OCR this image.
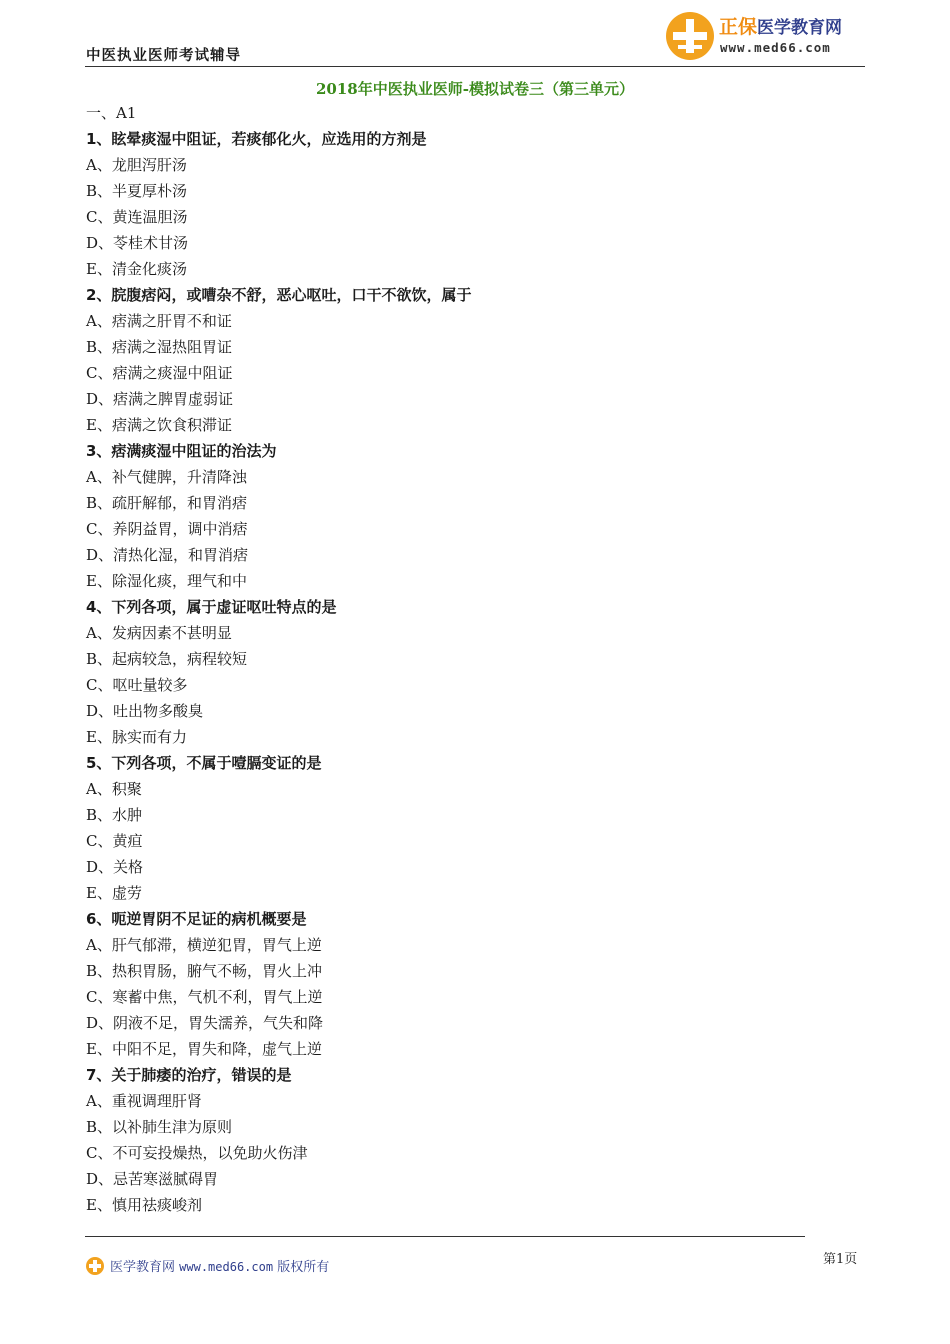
中医执业医师考试辅导
正保医学教育网
www.med66.com
2018年中医执业医师-模拟试卷三（第三单元）
一、A1
1、眩晕痰湿中阻证，若痰郁化火，应选用的方剂是
A、龙胆泻肝汤
B、半夏厚朴汤
C、黄连温胆汤
D、苓桂术甘汤
E、清金化痰汤
2、脘腹痞闷，或嘈杂不舒，恶心呕吐，口干不欲饮，属于
A、痞满之肝胃不和证
B、痞满之湿热阻胃证
C、痞满之痰湿中阻证
D、痞满之脾胃虚弱证
E、痞满之饮食积滞证
3、痞满痰湿中阻证的治法为
A、补气健脾，升清降浊
B、疏肝解郁，和胃消痞
C、养阴益胃，调中消痞
D、清热化湿，和胃消痞
E、除湿化痰，理气和中
4、下列各项，属于虚证呕吐特点的是
A、发病因素不甚明显
B、起病较急，病程较短
C、呕吐量较多
D、吐出物多酸臭
E、脉实而有力
5、下列各项，不属于噎膈变证的是
A、积聚
B、水肿
C、黄疸
D、关格
E、虚劳
6、呃逆胃阴不足证的病机概要是
A、肝气郁滞，横逆犯胃，胃气上逆
B、热积胃肠，腑气不畅，胃火上冲
C、寒蓄中焦，气机不利，胃气上逆
D、阴液不足，胃失濡养，气失和降
E、中阳不足，胃失和降，虚气上逆
7、关于肺痿的治疗，错误的是
A、重视调理肝肾
B、以补肺生津为原则
C、不可妄投燥热，以免助火伤津
D、忌苦寒滋腻碍胃
E、慎用祛痰峻剂
医学教育网 www.med66.com 版权所有
第1页
